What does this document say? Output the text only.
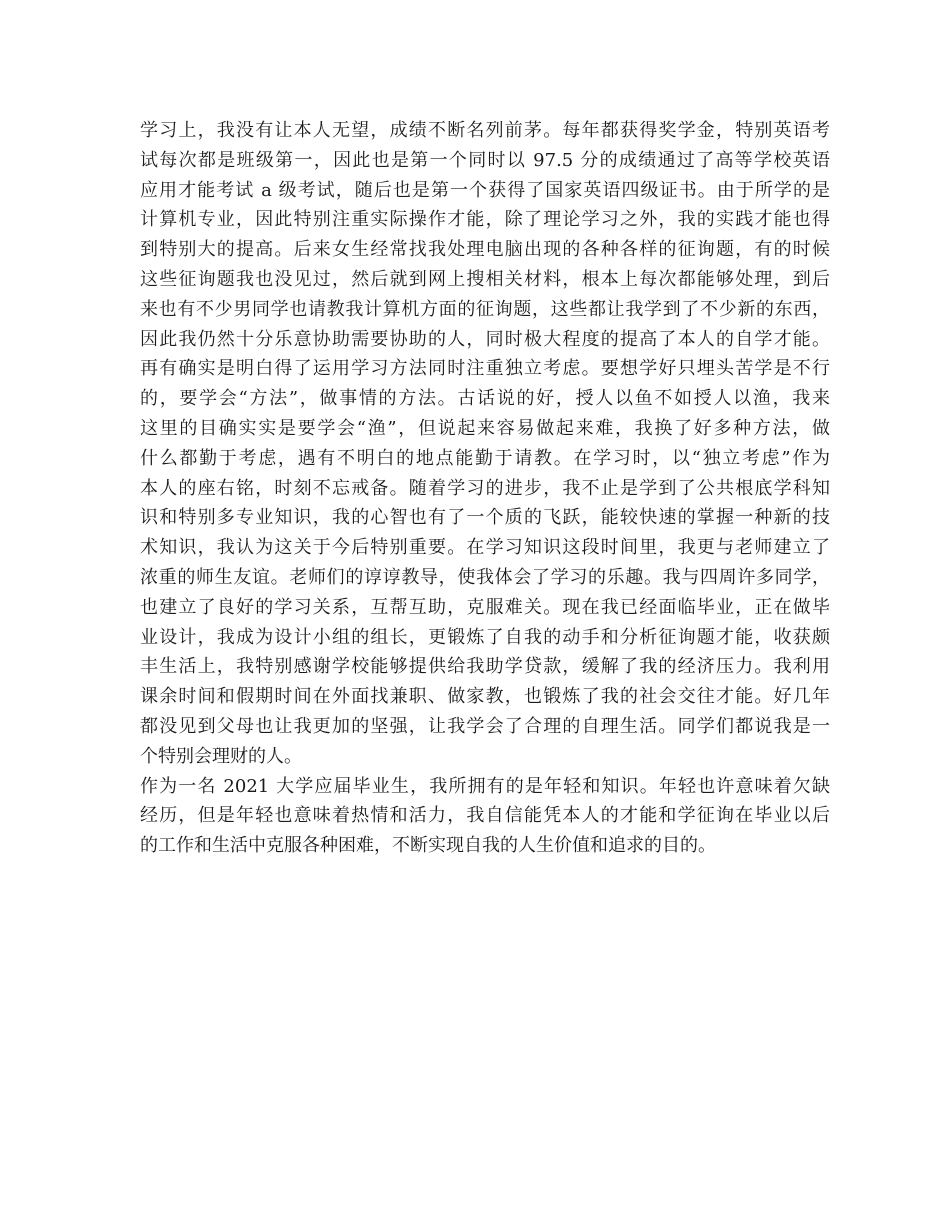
学习上，我没有让本人无望，成绩不断名列前茅。每年都获得奖学金，特别英语考
试每次都是班级第一，因此也是第一个同时以 97.5 分的成绩通过了高等学校英语
应用才能考试 a 级考试，随后也是第一个获得了国家英语四级证书。由于所学的是
计算机专业，因此特别注重实际操作才能，除了理论学习之外，我的实践才能也得
到特别大的提高。后来女生经常找我处理电脑出现的各种各样的征询题，有的时候
这些征询题我也没见过，然后就到网上搜相关材料，根本上每次都能够处理，到后
来也有不少男同学也请教我计算机方面的征询题，这些都让我学到了不少新的东西，
因此我仍然十分乐意协助需要协助的人，同时极大程度的提高了本人的自学才能。
再有确实是明白得了运用学习方法同时注重独立考虑。要想学好只埋头苦学是不行
的，要学会“方法”，做事情的方法。古话说的好，授人以鱼不如授人以渔，我来
这里的目确实实是要学会“渔”，但说起来容易做起来难，我换了好多种方法，做
什么都勤于考虑，遇有不明白的地点能勤于请教。在学习时，以“独立考虑”作为
本人的座右铭，时刻不忘戒备。随着学习的进步，我不止是学到了公共根底学科知
识和特别多专业知识，我的心智也有了一个质的飞跃，能较快速的掌握一种新的技
术知识，我认为这关于今后特别重要。在学习知识这段时间里，我更与老师建立了
浓重的师生友谊。老师们的谆谆教导，使我体会了学习的乐趣。我与四周许多同学，
也建立了良好的学习关系，互帮互助，克服难关。现在我已经面临毕业，正在做毕
业设计，我成为设计小组的组长，更锻炼了自我的动手和分析征询题才能，收获颇
丰生活上，我特别感谢学校能够提供给我助学贷款，缓解了我的经济压力。我利用
课余时间和假期时间在外面找兼职、做家教，也锻炼了我的社会交往才能。好几年
都没见到父母也让我更加的坚强，让我学会了合理的自理生活。同学们都说我是一
个特别会理财的人。
作为一名 2021 大学应届毕业生，我所拥有的是年轻和知识。年轻也许意味着欠缺
经历，但是年轻也意味着热情和活力，我自信能凭本人的才能和学征询在毕业以后
的工作和生活中克服各种困难，不断实现自我的人生价值和追求的目的。
